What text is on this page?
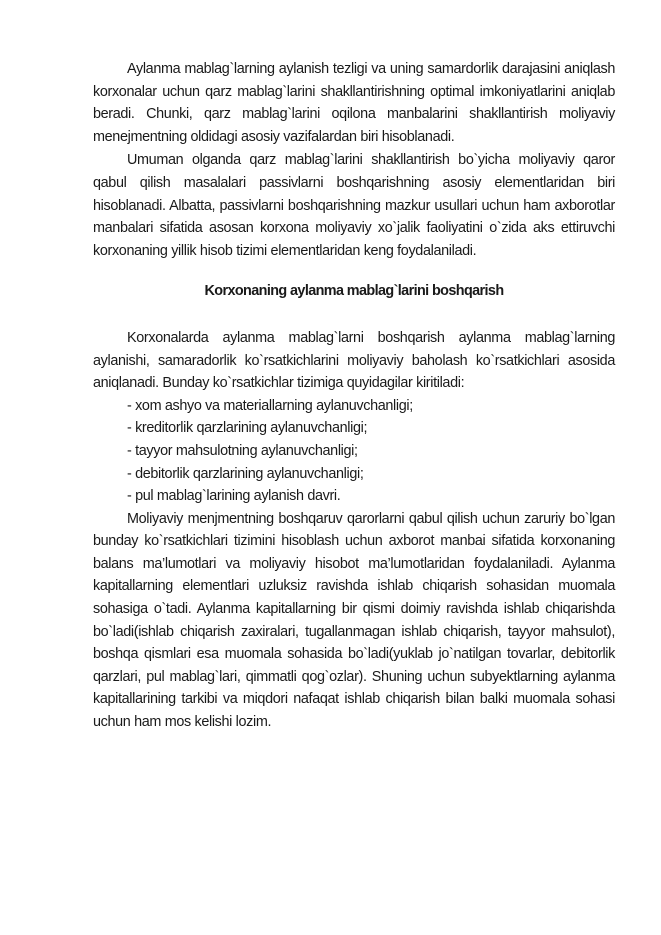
Aylanma mablag`larning aylanish tezligi va uning samardorlik darajasini aniqlash korxonalar uchun qarz mablag`larini shakllantirishning optimal imkoniyatlarini aniqlab beradi. Chunki, qarz mablag`larini oqilona manbalarini shakllantirish moliyaviy menejmentning oldidagi asosiy vazifalardan biri hisoblanadi.

Umuman olganda qarz mablag`larini shakllantirish bo`yicha moliyaviy qaror qabul qilish masalalari passivlarni boshqarishning asosiy elementlaridan biri hisoblanadi. Albatta, passivlarni boshqarishning mazkur usullari uchun ham axborotlar manbalari sifatida asosan korxona moliyaviy xo`jalik faoliyatini o`zida aks ettiruvchi korxonaning yillik hisob tizimi elementlaridan keng foydalaniladi.

Korxonaning aylanma mablag`larini boshqarish

Korxonalarda aylanma mablag`larni boshqarish aylanma mablag`larning aylanishi, samaradorlik ko`rsatkichlarini moliyaviy baholash ko`rsatkichlari asosida aniqlanadi. Bunday ko`rsatkichlar tizimiga quyidagilar kiritiladi:

- xom ashyo va materiallarning aylanuvchanligi;
- kreditorlik qarzlarining aylanuvchanligi;
- tayyor mahsulotning aylanuvchanligi;
- debitorlik qarzlarining aylanuvchanligi;
- pul mablag`larining aylanish davri.

Moliyaviy menjmentning boshqaruv qarorlarni qabul qilish uchun zaruriy bo`lgan bunday ko`rsatkichlari tizimini hisoblash uchun axborot manbai sifatida korxonaning balans ma’lumotlari va moliyaviy hisobot ma’lumotlaridan foydalaniladi. Aylanma kapitallarning elementlari uzluksiz ravishda ishlab chiqarish sohasidan muomala sohasiga o`tadi. Aylanma kapitallarning bir qismi doimiy ravishda ishlab chiqarishda bo`ladi(ishlab chiqarish zaxiralari, tugallanmagan ishlab chiqarish, tayyor mahsulot), boshqa qismlari esa muomala sohasida bo`ladi(yuklab jo`natilgan tovarlar, debitorlik qarzlari, pul mablag`lari, qimmatli qog`ozlar). Shuning uchun subyektlarning aylanma kapitallarining tarkibi va miqdori nafaqat ishlab chiqarish bilan balki muomala sohasi uchun ham mos kelishi lozim.
